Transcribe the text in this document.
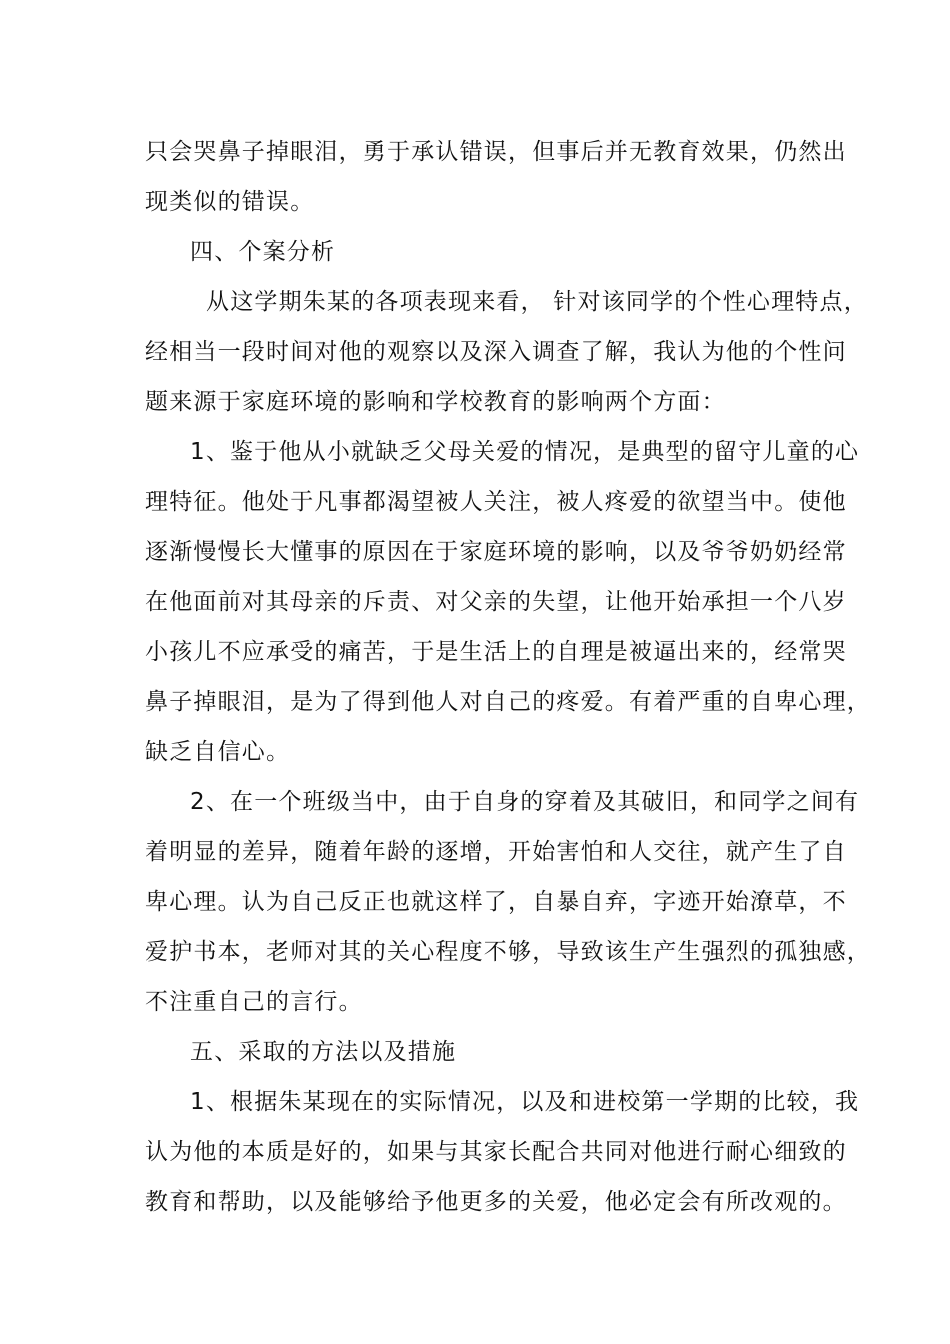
只会哭鼻子掉眼泪，勇于承认错误，但事后并无教育效果，仍然出
现类似的错误。
四、个案分析
从这学期朱某的各项表现来看， 针对该同学的个性心理特点，
经相当一段时间对他的观察以及深入调查了解，我认为他的个性问
题来源于家庭环境的影响和学校教育的影响两个方面：
1、鉴于他从小就缺乏父母关爱的情况，是典型的留守儿童的心
理特征。他处于凡事都渴望被人关注，被人疼爱的欲望当中。使他
逐渐慢慢长大懂事的原因在于家庭环境的影响，以及爷爷奶奶经常
在他面前对其母亲的斥责、对父亲的失望，让他开始承担一个八岁
小孩儿不应承受的痛苦，于是生活上的自理是被逼出来的，经常哭
鼻子掉眼泪，是为了得到他人对自己的疼爱。有着严重的自卑心理，
缺乏自信心。
2、在一个班级当中，由于自身的穿着及其破旧，和同学之间有
着明显的差异，随着年龄的逐增，开始害怕和人交往，就产生了自
卑心理。认为自己反正也就这样了，自暴自弃，字迹开始潦草，不
爱护书本，老师对其的关心程度不够，导致该生产生强烈的孤独感，
不注重自己的言行。
五、采取的方法以及措施
1、根据朱某现在的实际情况，以及和进校第一学期的比较，我
认为他的本质是好的，如果与其家长配合共同对他进行耐心细致的
教育和帮助，以及能够给予他更多的关爱，他必定会有所改观的。
